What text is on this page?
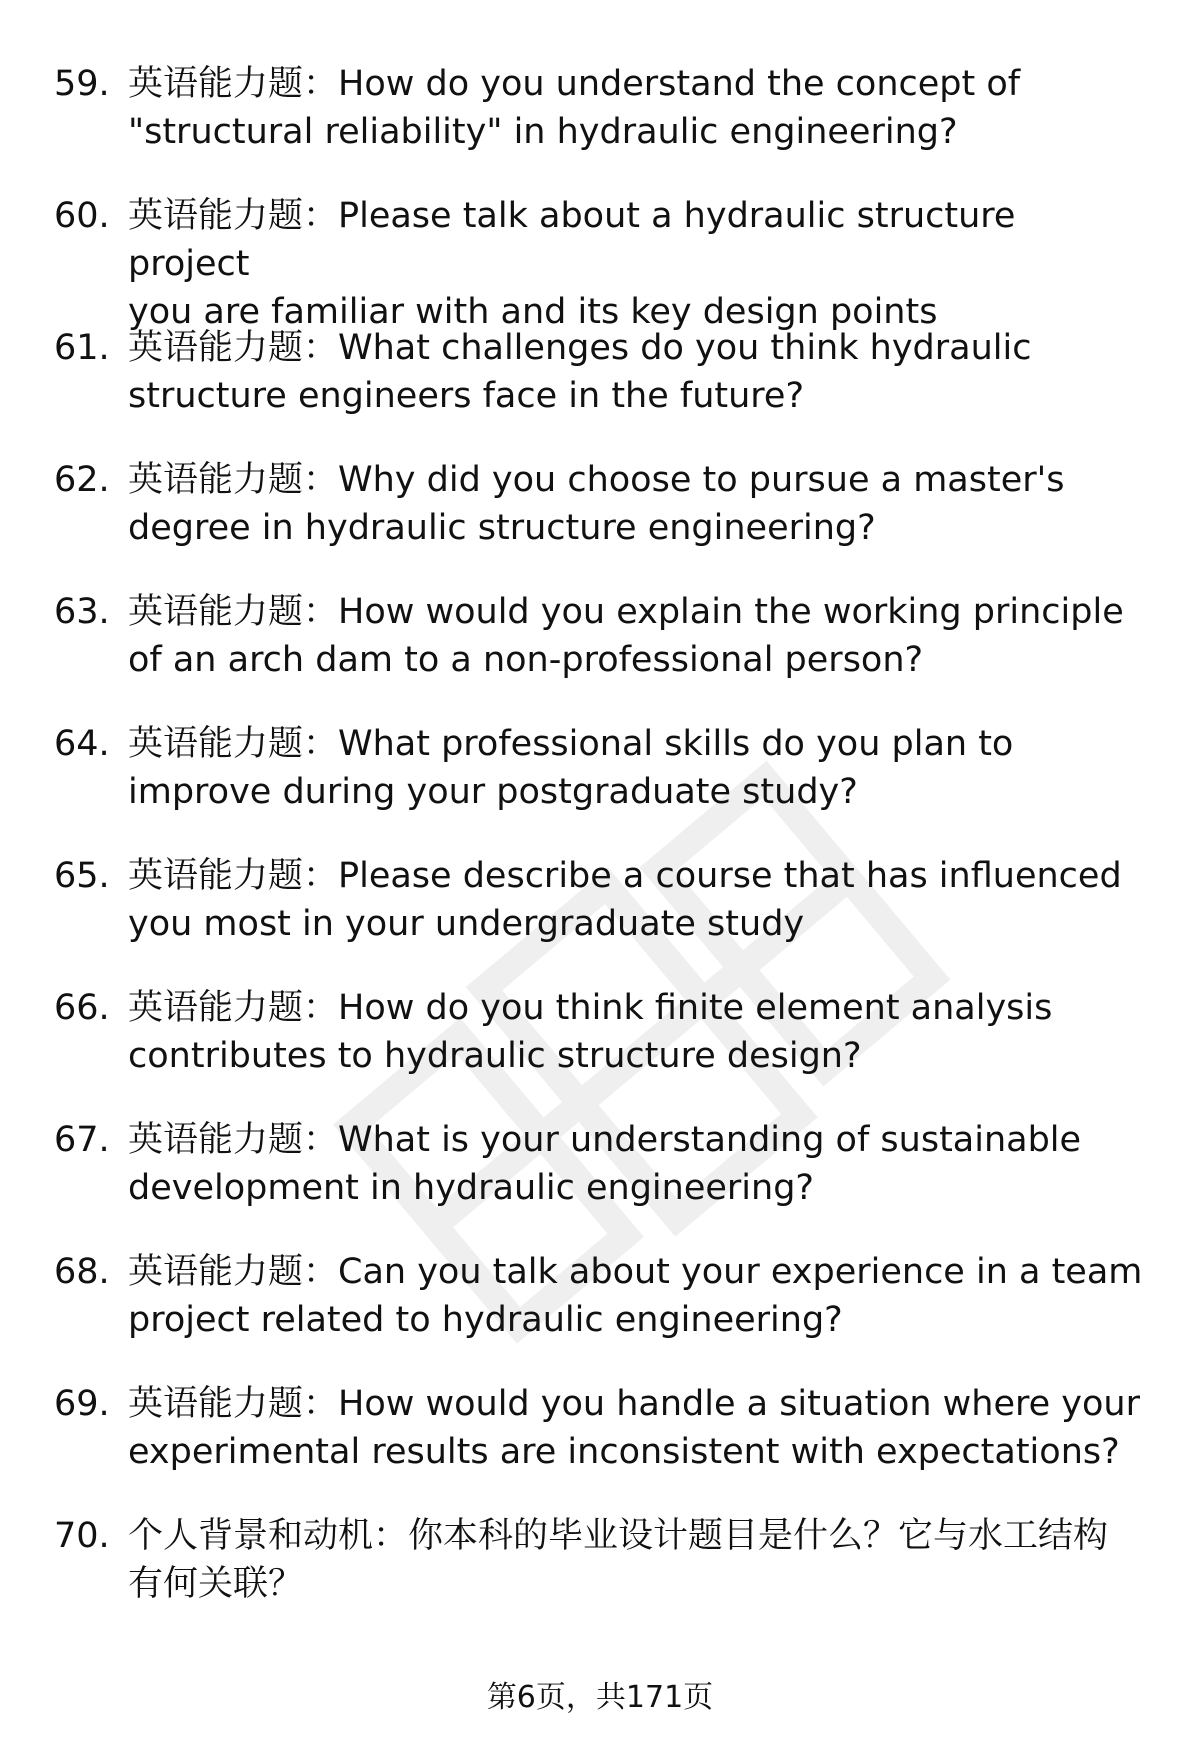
59. 英语能力题：How do you understand the concept of
"structural reliability" in hydraulic engineering?
60. 英语能力题：Please talk about a hydraulic structure project
you are familiar with and its key design points
61. 英语能力题：What challenges do you think hydraulic
structure engineers face in the future?
62. 英语能力题：Why did you choose to pursue a master's
degree in hydraulic structure engineering?
63. 英语能力题：How would you explain the working principle
of an arch dam to a non-professional person?
64. 英语能力题：What professional skills do you plan to
improve during your postgraduate study?
65. 英语能力题：Please describe a course that has influenced
you most in your undergraduate study
66. 英语能力题：How do you think finite element analysis
contributes to hydraulic structure design?
67. 英语能力题：What is your understanding of sustainable
development in hydraulic engineering?
68. 英语能力题：Can you talk about your experience in a team
project related to hydraulic engineering?
69. 英语能力题：How would you handle a situation where your
experimental results are inconsistent with expectations?
70. 个人背景和动机：你本科的毕业设计题目是什么？它与水工结构
有何关联？
第6页，共171页
